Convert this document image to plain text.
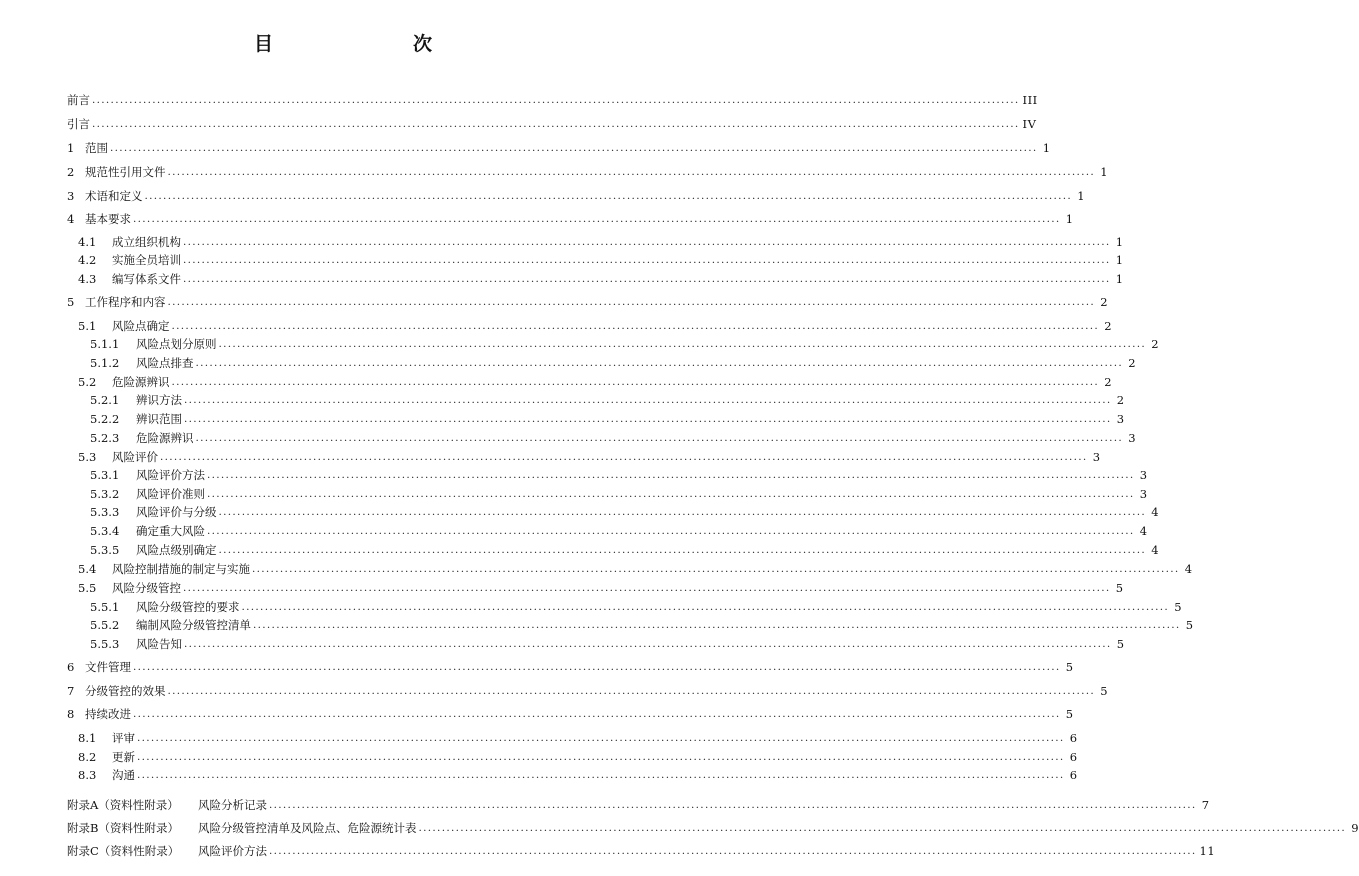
目　　次
前言 ........................................................................................................................................................................................................ III
引言 ........................................................................................................................................................................................................ IV
1 范围 ........................................................................................................................................................................................................ 1
2 规范性引用文件 ........................................................................................................................................................................................................ 1
3 术语和定义 ........................................................................................................................................................................................................ 1
4 基本要求 ........................................................................................................................................................................................................ 1
4.1	成立组织机构 ........................................................................................................................................................................................................ 1
4.2	实施全员培训 ........................................................................................................................................................................................................ 1
4.3	编写体系文件 ........................................................................................................................................................................................................ 1
5 工作程序和内容 ........................................................................................................................................................................................................ 2
5.1	风险点确定 ........................................................................................................................................................................................................ 2
5.1.1	风险点划分原则 ........................................................................................................................................................................................................ 2
5.1.2	风险点排查 ........................................................................................................................................................................................................ 2
5.2	危险源辨识 ........................................................................................................................................................................................................ 2
5.2.1	辨识方法 ........................................................................................................................................................................................................ 2
5.2.2	辨识范围 ........................................................................................................................................................................................................ 3
5.2.3	危险源辨识 ........................................................................................................................................................................................................ 3
5.3	风险评价 ........................................................................................................................................................................................................ 3
5.3.1	风险评价方法 ........................................................................................................................................................................................................ 3
5.3.2	风险评价准则 ........................................................................................................................................................................................................ 3
5.3.3	风险评价与分级 ........................................................................................................................................................................................................ 4
5.3.4	确定重大风险 ........................................................................................................................................................................................................ 4
5.3.5	风险点级别确定 ........................................................................................................................................................................................................ 4
5.4	风险控制措施的制定与实施 ........................................................................................................................................................................................................ 4
5.5	风险分级管控 ........................................................................................................................................................................................................ 5
5.5.1	风险分级管控的要求 ........................................................................................................................................................................................................ 5
5.5.2	编制风险分级管控清单 ........................................................................................................................................................................................................ 5
5.5.3	风险告知 ........................................................................................................................................................................................................ 5
6 文件管理 ........................................................................................................................................................................................................ 5
7 分级管控的效果 ........................................................................................................................................................................................................ 5
8 持续改进 ........................................................................................................................................................................................................ 5
8.1	评审 ........................................................................................................................................................................................................ 6
8.2	更新 ........................................................................................................................................................................................................ 6
8.3	沟通 ........................................................................................................................................................................................................ 6
附录A（资料性附录）	风险分析记录 ........................................................................................................................................................................................................ 7
附录B（资料性附录）	风险分级管控清单及风险点、危险源统计表 ........................................................................................................................................................................................................ 9
附录C（资料性附录）	风险评价方法 ........................................................................................................................................................................................................ 11
